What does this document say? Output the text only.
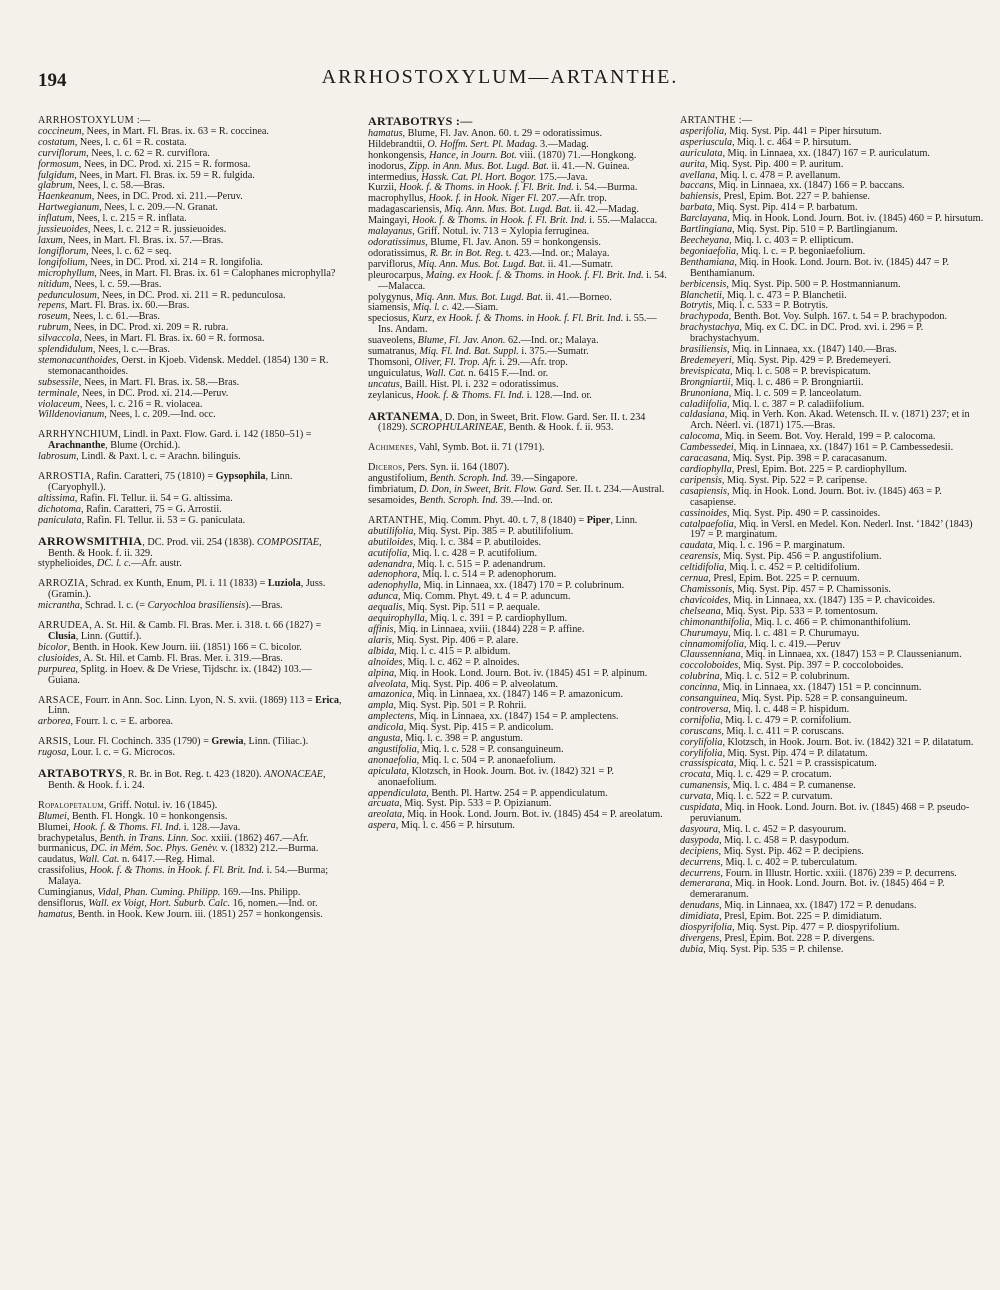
194	ARRHOSTOXYLUM—ARTANTHE.

ARRHOSTOXYLUM :—

coccineum, Nees, in Mart. Fl. Bras. ix. 63 = R. coccinea.

costatum, Nees, l. c. 61 = R. costata.

curviflorum, Nees, l. c. 62 = R. curviflora.

formosum, Nees, in DC. Prod. xi. 215 = R. formosa.

fulgidum, Nees, in Mart. Fl. Bras. ix. 59 = R. fulgida.

glabrum, Nees, l. c. 58.—Bras.

Haenkeanum, Nees, in DC. Prod. xi. 211.—Peruv.

Hartwegianum, Nees, l. c. 209.—N. Granat.

inflatum, Nees, l. c. 215 = R. inflata.

jussieuoides, Nees, l. c. 212 = R. jussieuoides.

laxum, Nees, in Mart. Fl. Bras. ix. 57.—Bras.

longiflorum, Nees, l. c. 62 = seq.

longifolium, Nees, in DC. Prod. xi. 214 = R. longifolia.

microphyllum, Nees, in Mart. Fl. Bras. ix. 61 = Calophanes microphylla?

nitidum, Nees, l. c. 59.—Bras.

pedunculosum, Nees, in DC. Prod. xi. 211 = R. pedunculosa.

repens, Mart. Fl. Bras. ix. 60.—Bras.

roseum, Nees, l. c. 61.—Bras.

rubrum, Nees, in DC. Prod. xi. 209 = R. rubra.

silvaccola, Nees, in Mart. Fl. Bras. ix. 60 = R. formosa.

splendidulum, Nees, l. c.—Bras.

stemonacanthoides, Oerst. in Kjoeb. Vidensk. Meddel. (1854) 130 = R. stemonacanthoides.

subsessile, Nees, in Mart. Fl. Bras. ix. 58.—Bras.

terminale, Nees, in DC. Prod. xi. 214.—Peruv.

violaceum, Nees, l. c. 216 = R. violacea.

Willdenovianum, Nees, l. c. 209.—Ind. occ.

ARRHYNCHIUM, Lindl. in Paxt. Flow. Gard. i. 142 (1850–51) = Arachnanthe, Blume (Orchid.).

labrosum, Lindl. & Paxt. l. c. = Arachn. bilinguis.

ARROSTIA, Rafin. Caratteri, 75 (1810) = Gypsophila, Linn. (Caryophyll.).

altissima, Rafin. Fl. Tellur. ii. 54 = G. altissima.

dichotoma, Rafin. Caratteri, 75 = G. Arrostii.

paniculata, Rafin. Fl. Tellur. ii. 53 = G. paniculata.

ARROWSMITHIA, DC. Prod. vii. 254 (1838). COMPOSITAE, Benth. & Hook. f. ii. 329.

styphelioides, DC. l. c.—Afr. austr.

ARROZIA, Schrad. ex Kunth, Enum, Pl. i. 11 (1833) = Luziola, Juss. (Gramin.).

micrantha, Schrad. l. c. (= Caryochloa brasiliensis).—Bras.

ARRUDEA, A. St. Hil. & Camb. Fl. Bras. Mer. i. 318. t. 66 (1827) = Clusia, Linn. (Guttif.).

bicolor, Benth. in Hook. Kew Journ. iii. (1851) 166 = C. bicolor.

clusioides, A. St. Hil. et Camb. Fl. Bras. Mer. i. 319.—Bras.

purpurea, Splitg. in Hoev. & De Vriese, Tijdschr. ix. (1842) 103.—Guiana.

ARSACE, Fourr. in Ann. Soc. Linn. Lyon, N. S. xvii. (1869) 113 = Erica, Linn.

arborea, Fourr. l. c. = E. arborea.

ARSIS, Lour. Fl. Cochinch. 335 (1790) = Grewia, Linn. (Tiliac.).

rugosa, Lour. l. c. = G. Microcos.

ARTABOTRYS, R. Br. in Bot. Reg. t. 423 (1820). ANONACEAE, Benth. & Hook. f. i. 24.

Ropalopetalum, Griff. Notul. iv. 16 (1845).

Blumei, Benth. Fl. Hongk. 10 = honkongensis.

Blumei, Hook. f. & Thoms. Fl. Ind. i. 128.—Java.

brachypetalus, Benth. in Trans. Linn. Soc. xxiii. (1862) 467.—Afr.

burmanicus, DC. in Mém. Soc. Phys. Genèv. v. (1832) 212.—Burma.

caudatus, Wall. Cat. n. 6417.—Reg. Himal.

crassifolius, Hook. f. & Thoms. in Hook. f. Fl. Brit. Ind. i. 54.—Burma; Malaya.

Cumingianus, Vidal, Phan. Cuming. Philipp. 169.—Ins. Philipp.

densiflorus, Wall. ex Voigt, Hort. Suburb. Calc. 16, nomen.—Ind. or.

hamatus, Benth. in Hook. Kew Journ. iii. (1851) 257 = honkongensis.

ARTABOTRYS :—

hamatus, Blume, Fl. Jav. Anon. 60. t. 29 = odoratissimus.

Hildebrandtii, O. Hoffm. Sert. Pl. Madag. 3.—Madag.

honkongensis, Hance, in Journ. Bot. viii. (1870) 71.—Hongkong.

inodorus, Zipp. in Ann. Mus. Bot. Lugd. Bat. ii. 41.—N. Guinea.

intermedius, Hassk. Cat. Pl. Hort. Bogor. 175.—Java.

Kurzii, Hook. f. & Thoms. in Hook. f. Fl. Brit. Ind. i. 54.—Burma.

macrophyllus, Hook. f. in Hook. Niger Fl. 207.—Afr. trop.

madagascariensis, Miq. Ann. Mus. Bot. Lugd. Bat. ii. 42.—Madag.

Maingayi, Hook. f. & Thoms. in Hook. f. Fl. Brit. Ind. i. 55.—Malacca.

malayanus, Griff. Notul. iv. 713 = Xylopia ferruginea.

odoratissimus, Blume, Fl. Jav. Anon. 59 = honkongensis.

odoratissimus, R. Br. in Bot. Reg. t. 423.—Ind. or.; Malaya.

parviflorus, Miq. Ann. Mus. Bot. Lugd. Bat. ii. 41.—Sumatr.

pleurocarpus, Maing. ex Hook. f. & Thoms. in Hook. f. Fl. Brit. Ind. i. 54.—Malacca.

polygynus, Miq. Ann. Mus. Bot. Lugd. Bat. ii. 41.—Borneo.

siamensis, Miq. l. c. 42.—Siam.

speciosus, Kurz, ex Hook. f. & Thoms. in Hook. f. Fl. Brit. Ind. i. 55.—Ins. Andam.

suaveolens, Blume, Fl. Jav. Anon. 62.—Ind. or.; Malaya.

sumatranus, Miq. Fl. Ind. Bat. Suppl. i. 375.—Sumatr.

Thomsoni, Oliver, Fl. Trop. Afr. i. 29.—Afr. trop.

unguiculatus, Wall. Cat. n. 6415 F.—Ind. or.

uncatus, Baill. Hist. Pl. i. 232 = odoratissimus.

zeylanicus, Hook. f. & Thoms. Fl. Ind. i. 128.—Ind. or.

ARTANEMA, D. Don, in Sweet, Brit. Flow. Gard. Ser. II. t. 234 (1829). SCROPHULARINEAE, Benth. & Hook. f. ii. 953.

Achimenes, Vahl, Symb. Bot. ii. 71 (1791).

Diceros, Pers. Syn. ii. 164 (1807).

angustifolium, Benth. Scroph. Ind. 39.—Singapore.

fimbriatum, D. Don, in Sweet, Brit. Flow. Gard. Ser. II. t. 234.—Austral.

sesamoides, Benth. Scroph. Ind. 39.—Ind. or.

ARTANTHE, Miq. Comm. Phyt. 40. t. 7, 8 (1840) = Piper, Linn.

abutilifolia, Miq. Syst. Pip. 385 = P. abutilifolium.

abutiloides, Miq. l. c. 384 = P. abutiloides.

acutifolia, Miq. l. c. 428 = P. acutifolium.

adenandra, Miq. l. c. 515 = P. adenandrum.

adenophora, Miq. l. c. 514 = P. adenophorum.

adenophylla, Miq. in Linnaea, xx. (1847) 170 = P. colubrinum.

adunca, Miq. Comm. Phyt. 49. t. 4 = P. aduncum.

aequalis, Miq. Syst. Pip. 511 = P. aequale.

aequirophylla, Miq. l. c. 391 = P. cardiophyllum.

affinis, Miq. in Linnaea, xviii. (1844) 228 = P. affine.

alaris, Miq. Syst. Pip. 406 = P. alare.

albida, Miq. l. c. 415 = P. albidum.

alnoides, Miq. l. c. 462 = P. alnoides.

alpina, Miq. in Hook. Lond. Journ. Bot. iv. (1845) 451 = P. alpinum.

alveolata, Miq. Syst. Pip. 406 = P. alveolatum.

amazonica, Miq. in Linnaea, xx. (1847) 146 = P. amazonicum.

ampla, Miq. Syst. Pip. 501 = P. Rohrii.

amplectens, Miq. in Linnaea, xx. (1847) 154 = P. amplectens.

andicola, Miq. Syst. Pip. 415 = P. andicolum.

angusta, Miq. l. c. 398 = P. angustum.

angustifolia, Miq. l. c. 528 = P. consanguineum.

anonaefolia, Miq. l. c. 504 = P. anonaefolium.

apiculata, Klotzsch, in Hook. Journ. Bot. iv. (1842) 321 = P. anonaefolium.

appendiculata, Benth. Pl. Hartw. 254 = P. appendiculatum.

arcuata, Miq. Syst. Pip. 533 = P. Opizianum.

areolata, Miq. in Hook. Lond. Journ. Bot. iv. (1845) 454 = P. areolatum.

aspera, Miq. l. c. 456 = P. hirsutum.

ARTANTHE :—

asperifolia, Miq. Syst. Pip. 441 = Piper hirsutum.

asperiuscula, Miq. l. c. 464 = P. hirsutum.

auriculata, Miq. in Linnaea, xx. (1847) 167 = P. auriculatum.

aurita, Miq. Syst. Pip. 400 = P. auritum.

avellana, Miq. l. c. 478 = P. avellanum.

baccans, Miq. in Linnaea, xx. (1847) 166 = P. baccans.

bahiensis, Presl, Epim. Bot. 227 = P. bahiense.

barbata, Miq. Syst. Pip. 414 = P. barbatum.

Barclayana, Miq. in Hook. Lond. Journ. Bot. iv. (1845) 460 = P. hirsutum.

Bartlingiana, Miq. Syst. Pip. 510 = P. Bartlingianum.

Beecheyana, Miq. l. c. 403 = P. ellipticum.

begoniaefolia, Miq. l. c. = P. begoniaefolium.

Benthamiana, Miq. in Hook. Lond. Journ. Bot. iv. (1845) 447 = P. Benthamianum.

berbicensis, Miq. Syst. Pip. 500 = P. Hostmannianum.

Blanchetii, Miq. l. c. 473 = P. Blanchetii.

Botrytis, Miq. l. c. 533 = P. Botrytis.

brachypoda, Benth. Bot. Voy. Sulph. 167. t. 54 = P. brachypodon.

brachystachya, Miq. ex C. DC. in DC. Prod. xvi. i. 296 = P. brachystachyum.

brasiliensis, Miq. in Linnaea, xx. (1847) 140.—Bras.

Bredemeyeri, Miq. Syst. Pip. 429 = P. Bredemeyeri.

brevispicata, Miq. l. c. 508 = P. brevispicatum.

Brongniartii, Miq. l. c. 486 = P. Brongniartii.

Brunoniana, Miq. l. c. 509 = P. lanceolatum.

caladiifolia, Miq. l. c. 387 = P. caladiifolium.

caldasiana, Miq. in Verh. Kon. Akad. Wetensch. II. v. (1871) 237; et in Arch. Néerl. vi. (1871) 175.—Bras.

calocoma, Miq. in Seem. Bot. Voy. Herald, 199 = P. calocoma.

Cambessedei, Miq. in Linnaea, xx. (1847) 161 = P. Cambessedesii.

caracasana, Miq. Syst. Pip. 398 = P. caracasanum.

cardiophylla, Presl, Epim. Bot. 225 = P. cardiophyllum.

caripensis, Miq. Syst. Pip. 522 = P. caripense.

casapiensis, Miq. in Hook. Lond. Journ. Bot. iv. (1845) 463 = P. casapiense.

cassinoides, Miq. Syst. Pip. 490 = P. cassinoides.

catalpaefolia, Miq. in Versl. en Medel. Kon. Nederl. Inst. ‘1842’ (1843) 197 = P. marginatum.

caudata, Miq. l. c. 196 = P. marginatum.

cearensis, Miq. Syst. Pip. 456 = P. angustifolium.

celtidifolia, Miq. l. c. 452 = P. celtidifolium.

cernua, Presl, Epim. Bot. 225 = P. cernuum.

Chamissonis, Miq. Syst. Pip. 457 = P. Chamissonis.

chavicoides, Miq. in Linnaea, xx. (1847) 135 = P. chavicoides.

chelseana, Miq. Syst. Pip. 533 = P. tomentosum.

chimonanthifolia, Miq. l. c. 466 = P. chimonanthifolium.

Churumayu, Miq. l. c. 481 = P. Churumayu.

cinnamomifolia, Miq. l. c. 419.—Peruv

Claussenniana, Miq. in Linnaea, xx. (1847) 153 = P. Claussenianum.

coccoloboides, Miq. Syst. Pip. 397 = P. coccoloboides.

colubrina, Miq. l. c. 512 = P. colubrinum.

concinna, Miq. in Linnaea, xx. (1847) 151 = P. concinnum.

consanguinea, Miq. Syst. Pip. 528 = P. consanguineum.

controversa, Miq. l. c. 448 = P. hispidum.

cornifolia, Miq. l. c. 479 = P. cornifolium.

coruscans, Miq. l. c. 411 = P. coruscans.

corylifolia, Klotzsch, in Hook. Journ. Bot. iv. (1842) 321 = P. dilatatum.

corylifolia, Miq. Syst. Pip. 474 = P. dilatatum.

crassispicata, Miq. l. c. 521 = P. crassispicatum.

crocata, Miq. l. c. 429 = P. crocatum.

cumanensis, Miq. l. c. 484 = P. cumanense.

curvata, Miq. l. c. 522 = P. curvatum.

cuspidata, Miq. in Hook. Lond. Journ. Bot. iv. (1845) 468 = P. pseudo-peruvianum.

dasyoura, Miq. l. c. 452 = P. dasyourum.

dasypoda, Miq. l. c. 458 = P. dasypodum.

decipiens, Miq. Syst. Pip. 462 = P. decipiens.

decurrens, Miq. l. c. 402 = P. tuberculatum.

decurrens, Fourn. in Illustr. Hortic. xxiii. (1876) 239 = P. decurrens.

demerarana, Miq. in Hook. Lond. Journ. Bot. iv. (1845) 464 = P. demeraranum.

denudans, Miq. in Linnaea, xx. (1847) 172 = P. denudans.

dimidiata, Presl, Epim. Bot. 225 = P. dimidiatum.

diospyrifolia, Miq. Syst. Pip. 477 = P. diospyrifolium.

divergens, Presl, Epim. Bot. 228 = P. divergens.

dubia, Miq. Syst. Pip. 535 = P. chilense.
